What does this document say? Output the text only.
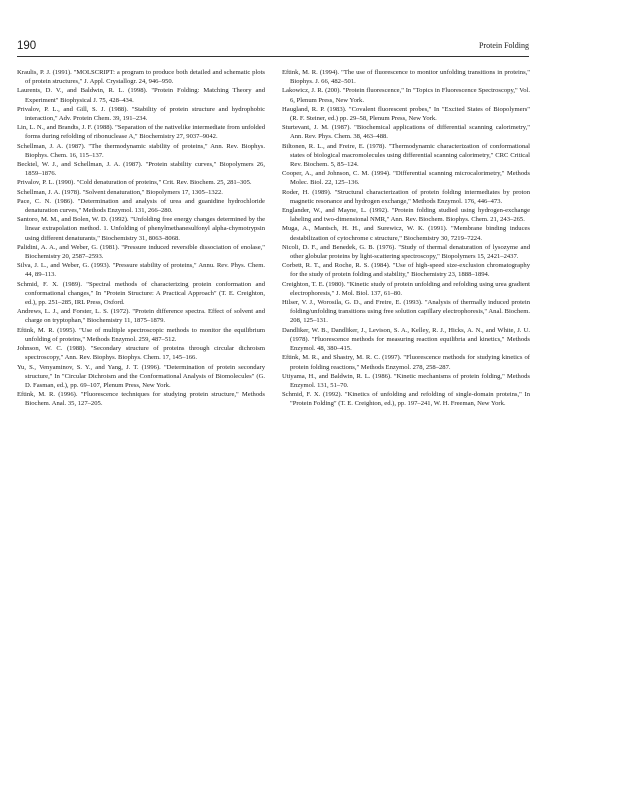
190	Protein Folding

Kraulis, P. J. (1991). "MOLSCRIPT: a program to produce both detailed and schematic plots of protein structures," J. Appl. Crystallogr. 24, 946–950.

Laurents, D. V., and Baldwin, R. L. (1998). "Protein Folding: Matching Theory and Experiment" Biophysical J. 75, 428–434.

Privalov, P. L., and Gill, S. J. (1988). "Stability of protein structure and hydrophobic interaction," Adv. Protein Chem. 39, 191–234.

Lin, L. N., and Brandts, J. F. (1988). "Separation of the nativelike intermediate from unfolded forms during refolding of ribonuclease A," Biochemistry 27, 9037–9042.

Schellman, J. A. (1987). "The thermodynamic stability of proteins," Ann. Rev. Biophys. Biophys. Chem. 16, 115–137.

Becktel, W. J., and Schellman, J. A. (1987). "Protein stability curves," Biopolymers 26, 1859–1876.

Privalov, P. L. (1990). "Cold denaturation of proteins," Crit. Rev. Biochem. 25, 281–305.

Schellman, J. A. (1978). "Solvent denaturation," Biopolymers 17, 1305–1322.

Pace, C. N. (1986). "Determination and analysis of urea and guanidine hydrochloride denaturation curves," Methods Enzymol. 131, 266–280.

Santoro, M. M., and Bolen, W. D. (1992). "Unfolding free energy changes determined by the linear extrapolation method. 1. Unfolding of phenylmethanesulfonyl alpha-chymotrypsin using different denaturants," Biochemistry 31, 8063–8068.

Palidini, A. A., and Weber, G. (1981). "Pressure induced reversible dissociation of enolase," Biochemistry 20, 2587–2593.

Silva, J. L., and Weber, G. (1993). "Pressure stability of proteins," Annu. Rev. Phys. Chem. 44, 89–113.

Schmid, F. X. (1989). "Spectral methods of characterizing protein conformation and conformational changes," In "Protein Structure: A Practical Approach" (T. E. Creighton, ed.), pp. 251–285, IRL Press, Oxford.

Andrews, L. J., and Forster, L. S. (1972). "Protein difference spectra. Effect of solvent and charge on tryptophan," Biochemistry 11, 1875–1879.

Eftink, M. R. (1995). "Use of multiple spectroscopic methods to monitor the equilibrium unfolding of proteins," Methods Enzymol. 259, 487–512.

Johnson, W. C. (1988). "Secondary structure of proteins through circular dichroism spectroscopy," Ann. Rev. Biophys. Biophys. Chem. 17, 145–166.

Yu, S., Venyaminov, S. Y., and Yang, J. T. (1996). "Determination of protein secondary structure," In "Circular Dichroism and the Conformational Analysis of Biomolecules" (G. D. Fasman, ed.), pp. 69–107, Plenum Press, New York.

Eftink, M. R. (1996). "Fluorescence techniques for studying protein structure," Methods Biochem. Anal. 35, 127–205.

Eftink, M. R. (1994). "The use of fluorescence to monitor unfolding transitions in proteins," Biophys. J. 66, 482–501.

Lakowicz, J. R. (200). "Protein fluorescence," In "Topics in Fluorescence Spectroscopy," Vol. 6, Plenum Press, New York.

Haugland, R. P. (1983). "Covalent fluorescent probes," In "Excited States of Biopolymers" (R. F. Steiner, ed.) pp. 29–58, Plenum Press, New York.

Sturtevant, J. M. (1987). "Biochemical applications of differential scanning calorimetry," Ann. Rev. Phys. Chem. 38, 463–488.

Biltonen, R. L., and Freire, E. (1978). "Thermodynamic characterization of conformational states of biological macromolecules using differential scanning calorimetry," CRC Critical Rev. Biochem. 5, 85–124.

Cooper, A., and Johnson, C. M. (1994). "Differential scanning microcalorimetry," Methods Molec. Biol. 22, 125–136.

Roder, H. (1989). "Structural characterization of protein folding intermediates by proton magnetic resonance and hydrogen exchange," Methods Enzymol. 176, 446–473.

Englander, W., and Mayne, L. (1992). "Protein folding studied using hydrogen-exchange labeling and two-dimensional NMR," Ann. Rev. Biochem. Biophys. Chem. 21, 243–265.

Muga, A., Mantsch, H. H., and Surewicz, W. K. (1991). "Membrane binding induces destabilization of cytochrome c structure," Biochemistry 30, 7219–7224.

Nicoli, D. F., and Benedek, G. B. (1976). "Study of thermal denaturation of lysozyme and other globular proteins by light-scattering spectroscopy," Biopolymers 15, 2421–2437.

Corbett, R. T., and Roche, R. S. (1984). "Use of high-speed size-exclusion chromatography for the study of protein folding and stability," Biochemistry 23, 1888–1894.

Creighton, T. E. (1980). "Kinetic study of protein unfolding and refolding using urea gradient electrophoresis," J. Mol. Biol. 137, 61–80.

Hilser, V. J., Worosila, G. D., and Freire, E. (1993). "Analysis of thermally induced protein folding/unfolding transitions using free solution capillary electrophoresis," Anal. Biochem. 208, 125–131.

Dandliker, W. B., Dandliker, J., Levison, S. A., Kelley, R. J., Hicks, A. N., and White, J. U. (1978). "Fluorescence methods for measuring reaction equilibria and kinetics," Methods Enzymol. 48, 380–415.

Eftink, M. R., and Shastry, M. R. C. (1997). "Fluorescence methods for studying kinetics of protein folding reactions," Methods Enzymol. 278, 258–287.

Utiyama, H., and Baldwin, R. L. (1986). "Kinetic mechanisms of protein folding," Methods Enzymol. 131, 51–70.

Schmid, F. X. (1992). "Kinetics of unfolding and refolding of single-domain proteins," In "Protein Folding" (T. E. Creighton, ed.), pp. 197–241, W. H. Freeman, New York.
